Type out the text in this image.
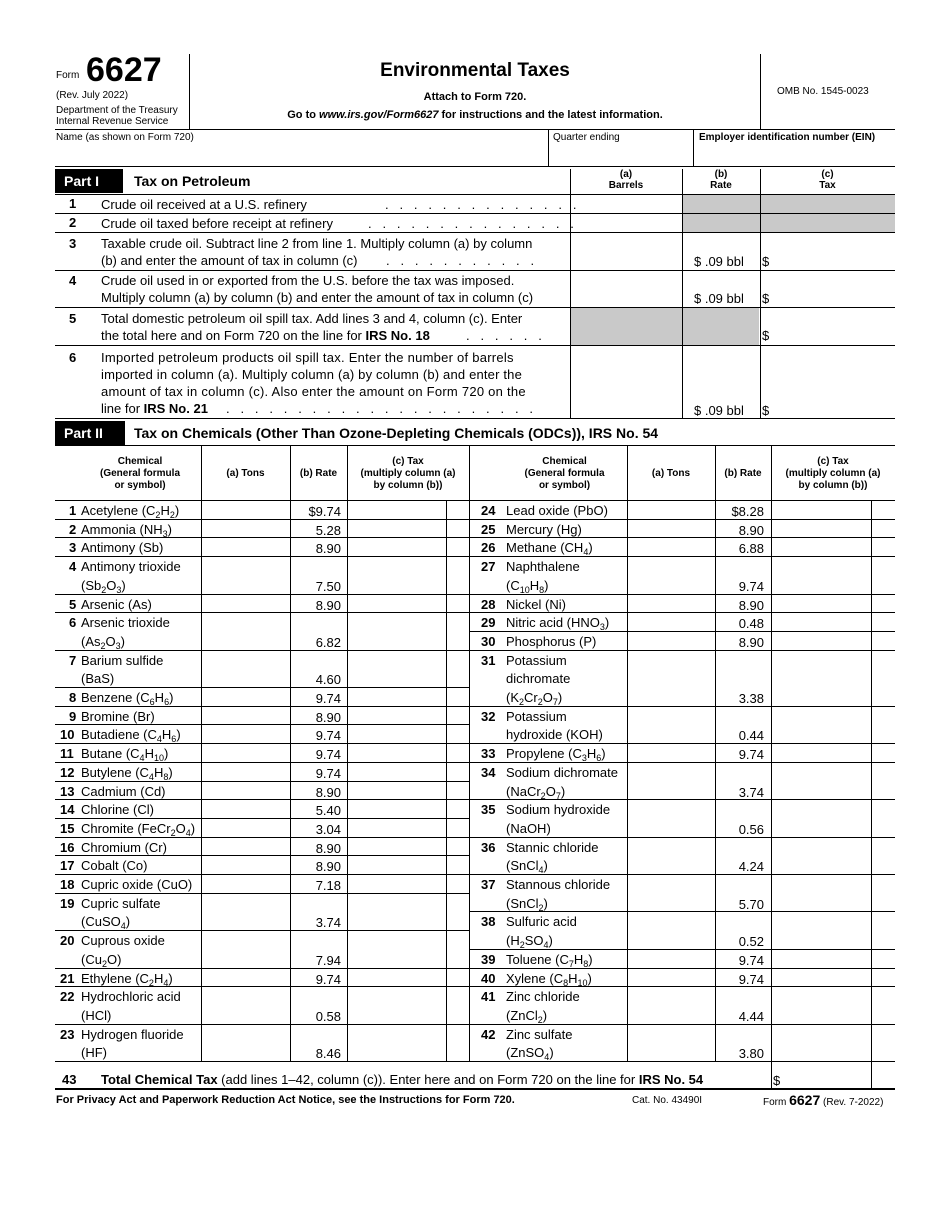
Form 6627
(Rev. July 2022)
Department of the Treasury
Internal Revenue Service
Environmental Taxes
Attach to Form 720.
Go to www.irs.gov/Form6627 for instructions and the latest information.
OMB No. 1545-0023
Name (as shown on Form 720)	Quarter ending	Employer identification number (EIN)
Part I	Tax on Petroleum	(a)
Barrels
(b)
Rate
(c)
Tax
1 Crude oil received at a U.S. refinery	.   .   .   .   .   .   .   .   .   .   .   .   .   .
2 Crude oil taxed before receipt at refinery	.   .   .   .   .   .   .   .   .   .   .   .   .   .   .
3 Taxable crude oil. Subtract line 2 from line 1. Multiply column (a) by column
(b) and enter the amount of tax in column (c) .   .   .   .   .   .   .   .   .   .   .	$ .09 bbl $
4 Crude oil used in or exported from the U.S. before the tax was imposed.
Multiply column (a) by column (b) and enter the amount of tax in column (c)	$ .09 bbl $
5 Total domestic petroleum oil spill tax. Add lines 3 and 4, column (c). Enter
the total here and on Form 720 on the line for IRS No. 18	.   .   .   .   .   .	$
6 Imported petroleum products oil spill tax. Enter the number of barrels
imported in column (a). Multiply column (a) by column (b) and enter the
amount of tax in column (c). Also enter the amount on Form 720 on the
line for IRS No. 21 .   .   .   .   .   .   .   .   .   .   .   .   .   .   .   .   .   .   .   .   .   .	$ .09 bbl $
Part II	Tax on Chemicals (Other Than Ozone-Depleting Chemicals (ODCs)), IRS No. 54
Chemical
(General formula
or symbol)
(a) Tons	(b) Rate
(c) Tax
(multiply column (a)
by column (b))
Chemical
(General formula
or symbol)
(a) Tons	(b) Rate
(c) Tax
(multiply column (a)
by column (b))
1 Acetylene $(C_2H_2)$	$9.74
2 Ammonia $(NH_3)$	5.28
3 Antimony (Sb)	8.90
4 Antimony trioxide
$(Sb_2O_3)$	7.50
5 Arsenic (As)	8.90
6 Arsenic trioxide
$(As_2O_3)$	6.82
7 Barium sulfide
(BaS)	4.60
8 Benzene $(C_6H_6)$	9.74
9 Bromine (Br)	8.90
10 Butadiene $(C_4H_6)$	9.74
11 Butane $(C_4H_{10})$	9.74
12 Butylene $(C_4H_8)$	9.74
13 Cadmium (Cd)	8.90
14 Chlorine (Cl)	5.40
15 Chromite $(FeCr_2O_4)$	3.04
16 Chromium (Cr)	8.90
17 Cobalt (Co)	8.90
18 Cupric oxide (CuO)	7.18
19 Cupric sulfate
(CuSO$_4$)	3.74
20 Cuprous oxide
$(Cu_2O)$	7.94
21 Ethylene $(C_2H_4)$	9.74
22 Hydrochloric acid
(HCl)	0.58
23 Hydrogen fluoride
(HF)	8.46
24 Lead oxide (PbO)	$8.28
25 Mercury (Hg)	8.90
26 Methane $(CH_4)$	6.88
27 Naphthalene
$(C_{10}H_8)$	9.74
28 Nickel (Ni)	8.90
29 Nitric acid $(HNO_3)$	0.48
30 Phosphorus (P)	8.90
31 Potassium
dichromate
$(K_2Cr_2O_7)$	3.38
32 Potassium
hydroxide (KOH)	0.44
33 Propylene $(C_3H_6)$	9.74
34 Sodium dichromate
$(NaCr_2O_7)$	3.74
35 Sodium hydroxide
(NaOH)	0.56
36 Stannic chloride
(SnCl$_4$)	4.24
37 Stannous chloride
(SnCl$_2$)	5.70
38 Sulfuric acid
$(H_2SO_4)$	0.52
39 Toluene $(C_7H_8)$	9.74
40 Xylene $(C_8H_{10})$	9.74
41 Zinc chloride
(ZnCl$_2$)	4.44
42 Zinc sulfate
(ZnSO$_4$)	3.80
43 Total Chemical Tax (add lines 1–42, column (c)). Enter here and on Form 720 on the line for IRS No. 54	$
For Privacy Act and Paperwork Reduction Act Notice, see the Instructions for Form 720.	Cat. No. 43490I	Form 6627 (Rev. 7-2022)
